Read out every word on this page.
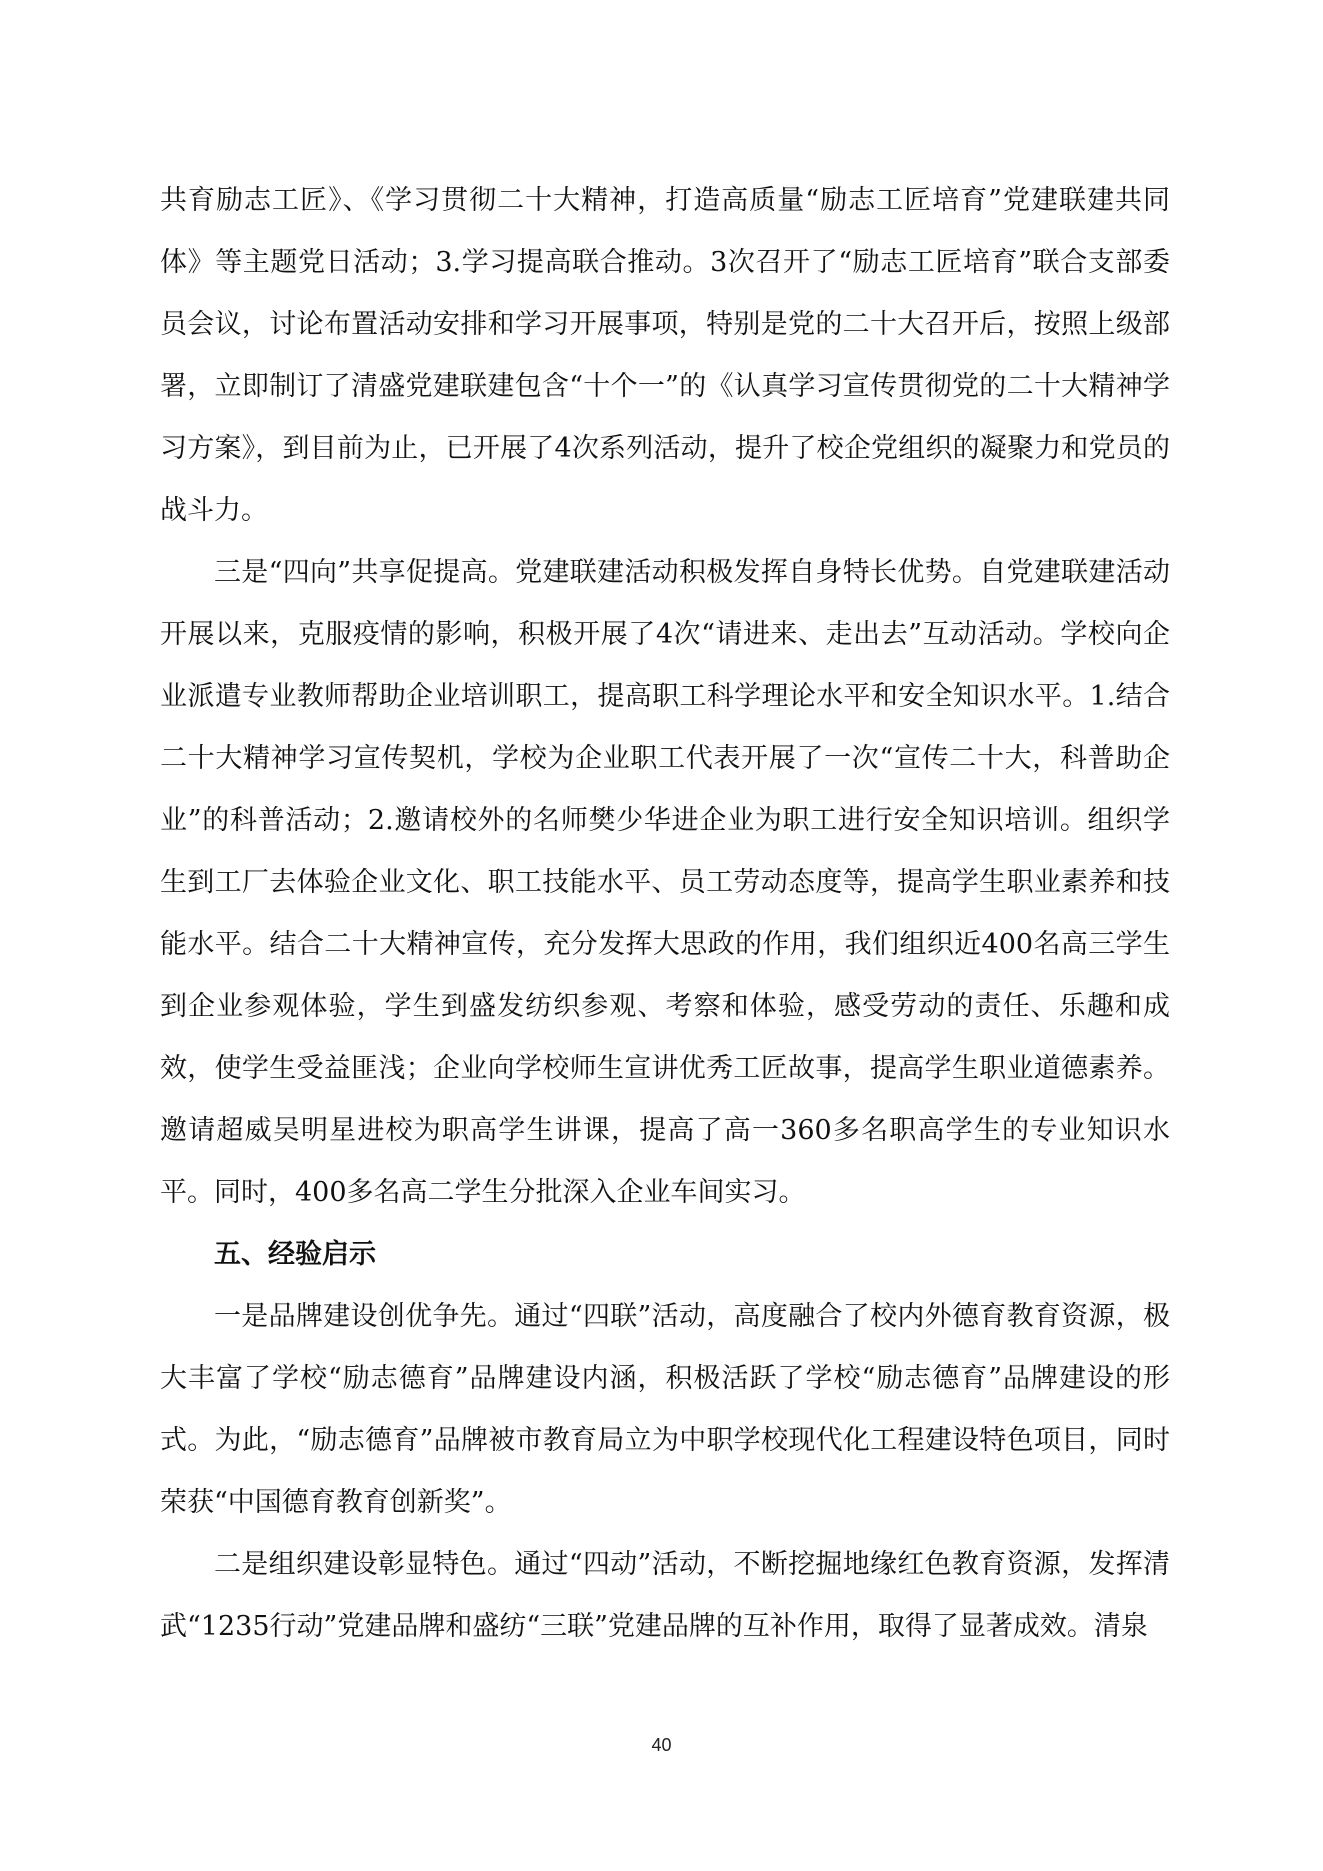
共育励志工匠》、《学习贯彻二十大精神，打造高质量“励志工匠培育”党建联建共同体》等主题党日活动；3.学习提高联合推动。3次召开了“励志工匠培育”联合支部委员会议，讨论布置活动安排和学习开展事项，特别是党的二十大召开后，按照上级部署，立即制订了清盛党建联建包含“十个一”的《认真学习宣传贯彻党的二十大精神学习方案》，到目前为止，已开展了4次系列活动，提升了校企党组织的凝聚力和党员的战斗力。

三是“四向”共享促提高。党建联建活动积极发挥自身特长优势。自党建联建活动开展以来，克服疫情的影响，积极开展了4次“请进来、走出去”互动活动。学校向企业派遣专业教师帮助企业培训职工，提高职工科学理论水平和安全知识水平。1.结合二十大精神学习宣传契机，学校为企业职工代表开展了一次“宣传二十大，科普助企业”的科普活动；2.邀请校外的名师樊少华进企业为职工进行安全知识培训。组织学生到工厂去体验企业文化、职工技能水平、员工劳动态度等，提高学生职业素养和技能水平。结合二十大精神宣传，充分发挥大思政的作用，我们组织近400名高三学生到企业参观体验，学生到盛发纺织参观、考察和体验，感受劳动的责任、乐趣和成效，使学生受益匪浅；企业向学校师生宣讲优秀工匠故事，提高学生职业道德素养。邀请超威吴明星进校为职高学生讲课，提高了高一360多名职高学生的专业知识水平。同时，400多名高二学生分批深入企业车间实习。

五、经验启示

一是品牌建设创优争先。通过“四联”活动，高度融合了校内外德育教育资源，极大丰富了学校“励志德育”品牌建设内涵，积极活跃了学校“励志德育”品牌建设的形式。为此，“励志德育”品牌被市教育局立为中职学校现代化工程建设特色项目，同时荣获“中国德育教育创新奖”。

二是组织建设彰显特色。通过“四动”活动，不断挖掘地缘红色教育资源，发挥清武“1235行动”党建品牌和盛纺“三联”党建品牌的互补作用，取得了显著成效。清泉

40
